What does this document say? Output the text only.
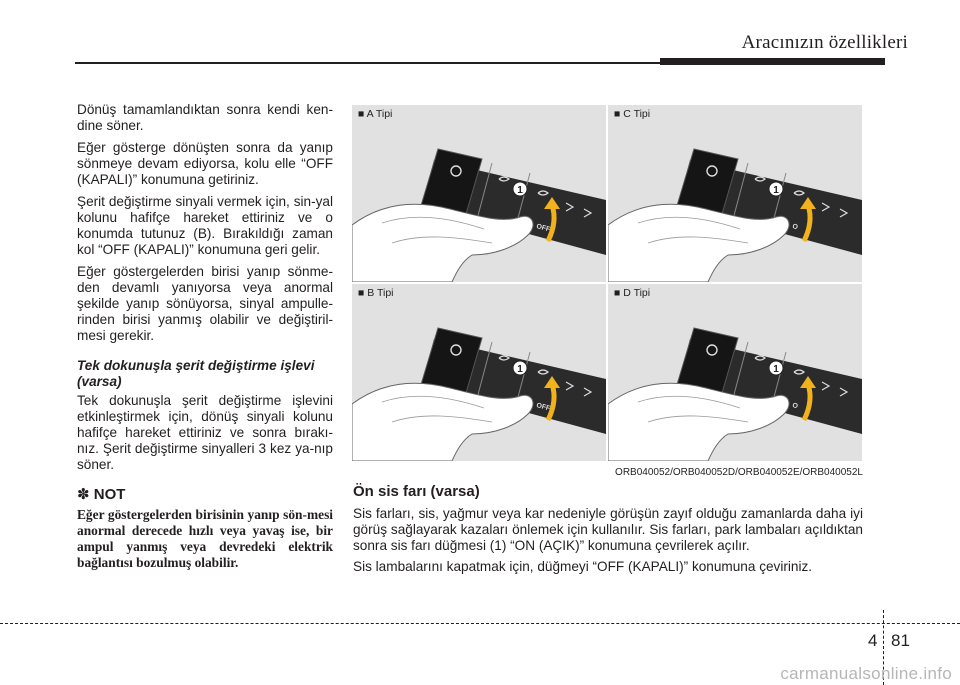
Aracınızın özellikleri

Dönüş tamamlandıktan sonra kendi ken-dine söner.

Eğer gösterge dönüşten sonra da yanıp sönmeye devam ediyorsa, kolu elle “OFF (KAPALI)” konumuna getiriniz.

Şerit değiştirme sinyali vermek için, sin-yal kolunu hafifçe hareket ettiriniz ve o konumda tutunuz (B). Bırakıldığı zaman kol “OFF (KAPALI)” konumuna geri gelir.

Eğer göstergelerden birisi yanıp sönme-den devamlı yanıyorsa veya anormal şekilde yanıp sönüyorsa, sinyal ampulle-rinden birisi yanmış olabilir ve değiştiril-mesi gerekir.

Tek dokunuşla şerit değiştirme işlevi (varsa)

Tek dokunuşla şerit değiştirme işlevini etkinleştirmek için, dönüş sinyali kolunu hafifçe hareket ettiriniz ve sonra bırakı-nız. Şerit değiştirme sinyalleri 3 kez ya-nıp söner.

✽ NOT
Eğer göstergelerden birisinin yanıp sön-mesi anormal derecede hızlı veya yavaş ise, bir ampul yanmış veya devredeki elektrik bağlantısı bozulmuş olabilir.
■ A Tipi
1
OFF
■ C Tipi
1
O
■ B Tipi
1
OFF
■ D Tipi
1
O
ORB040052/ORB040052D/ORB040052E/ORB040052L
Ön sis farı (varsa)

Sis farları, sis, yağmur veya kar nedeniyle görüşün zayıf olduğu zamanlarda daha iyi görüş sağlayarak kazaları önlemek için kullanılır. Sis farları, park lambaları açıldıktan sonra sis farı düğmesi (1) “ON (AÇIK)” konumuna çevrilerek açılır.

Sis lambalarını kapatmak için, düğmeyi “OFF (KAPALI)” konumuna çeviriniz.

4 81
carmanualsonline.info
